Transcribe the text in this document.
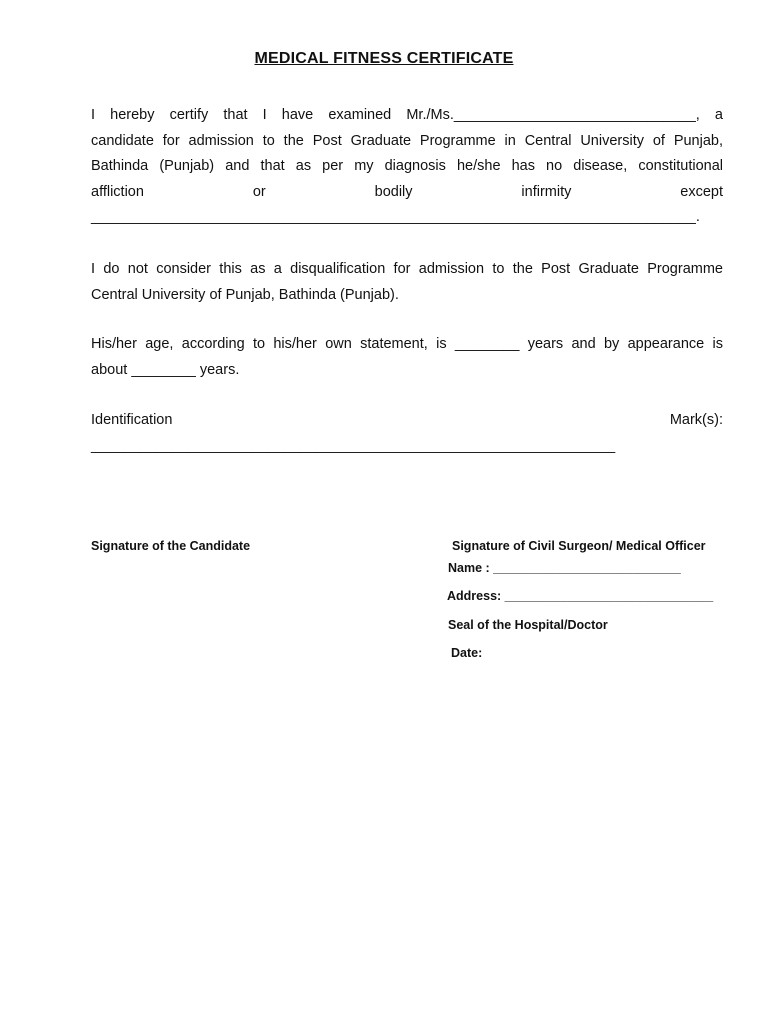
MEDICAL FITNESS CERTIFICATE

I hereby certify that I have examined Mr./Ms.______________________________, a

candidate for admission to the Post Graduate Programme in Central University of Punjab,

Bathinda (Punjab) and that as per my diagnosis he/she has no disease, constitutional

affliction or bodily infirmity except

___________________________________________________________________________.

I do not consider this as a disqualification for admission to the Post Graduate Programme

Central University of Punjab, Bathinda (Punjab).

His/her age, according to his/her own statement, is ________ years and by appearance is

about ________ years.

Identification	Mark(s):

_________________________________________________________________

Signature of the Candidate	Signature of Civil Surgeon/ Medical Officer
Name : ___________________________
Address: ______________________________
Seal of the Hospital/Doctor
Date:
